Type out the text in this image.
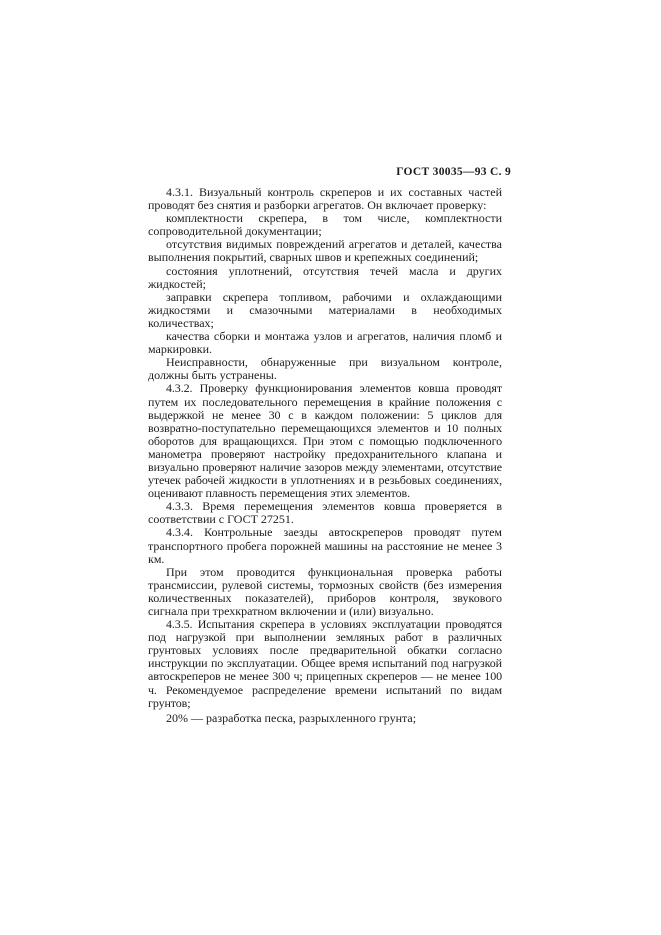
ГОСТ 30035—93 С. 9

4.3.1. Визуальный контроль скреперов и их составных частей проводят без снятия и разборки агрегатов. Он включает проверку:

комплектности скрепера, в том числе, комплектности сопроводительной документации;

отсутствия видимых повреждений агрегатов и деталей, качества выполнения покрытий, сварных швов и крепежных соединений;

состояния уплотнений, отсутствия течей масла и других жидкостей;

заправки скрепера топливом, рабочими и охлаждающими жидкостями и смазочными материалами в необходимых количествах;

качества сборки и монтажа узлов и агрегатов, наличия пломб и маркировки.

Неисправности, обнаруженные при визуальном контроле, должны быть устранены.

4.3.2. Проверку функционирования элементов ковша проводят путем их последовательного перемещения в крайние положения с выдержкой не менее 30 с в каждом положении: 5 циклов для возвратно-поступательно перемещающихся элементов и 10 полных оборотов для вращающихся. При этом с помощью подключенного манометра проверяют настройку предохранительного клапана и визуально проверяют наличие зазоров между элементами, отсутствие утечек рабочей жидкости в уплотнениях и в резьбовых соединениях, оценивают плавность перемещения этих элементов.

4.3.3. Время перемещения элементов ковша проверяется в соответствии с ГОСТ 27251.

4.3.4. Контрольные заезды автоскреперов проводят путем транспортного пробега порожней машины на расстояние не менее 3 км.

При этом проводится функциональная проверка работы трансмиссии, рулевой системы, тормозных свойств (без измерения количественных показателей), приборов контроля, звукового сигнала при трехкратном включении и (или) визуально.

4.3.5. Испытания скрепера в условиях эксплуатации проводятся под нагрузкой при выполнении земляных работ в различных грунтовых условиях после предварительной обкатки согласно инструкции по эксплуатации. Общее время испытаний под нагрузкой автоскреперов не менее 300 ч; прицепных скреперов — не менее 100 ч. Рекомендуемое распределение времени испытаний по видам грунтов;

20% — разработка песка, разрыхленного грунта;
